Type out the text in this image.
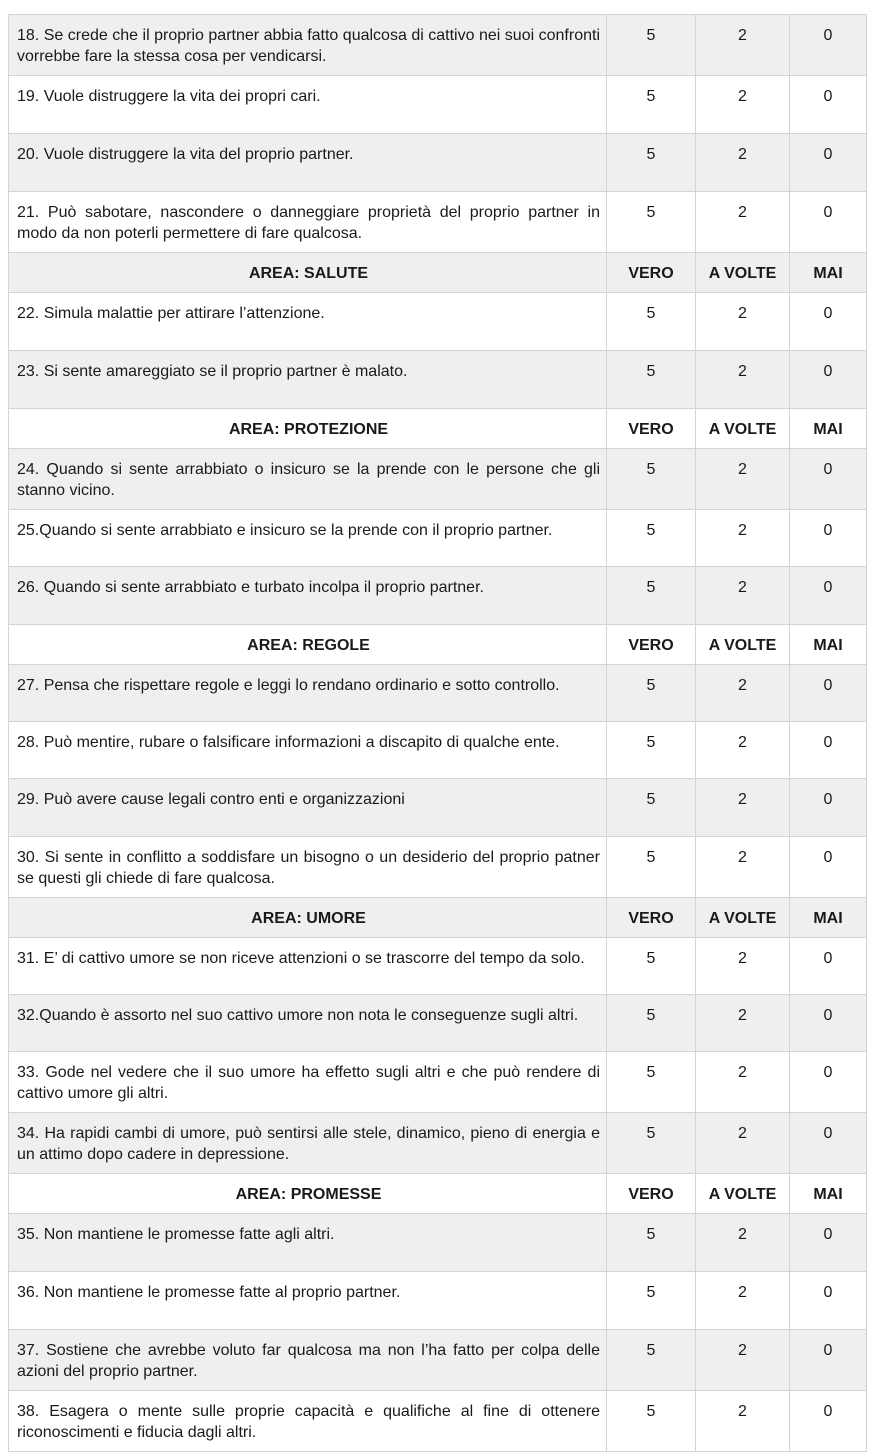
18. Se crede che il proprio partner abbia fatto qualcosa di cattivo nei suoi confronti vorrebbe fare la stessa cosa per vendicarsi.	5	2	0
19. Vuole distruggere la vita dei propri cari.	5	2	0
20. Vuole distruggere la vita del proprio partner.	5	2	0
21. Può sabotare, nascondere o danneggiare proprietà del proprio partner in modo da non poterli permettere di fare qualcosa.	5	2	0
AREA: SALUTE	VERO	A VOLTE	MAI
22. Simula malattie per attirare l’attenzione.	5	2	0
23. Si sente amareggiato se il proprio partner è malato.	5	2	0
AREA: PROTEZIONE	VERO	A VOLTE	MAI
24. Quando si sente arrabbiato o insicuro se la prende con le persone che gli stanno vicino.	5	2	0
25.Quando si sente arrabbiato e insicuro se la prende con il proprio partner.	5	2	0
26. Quando si sente arrabbiato e turbato incolpa il proprio partner.	5	2	0
AREA: REGOLE	VERO	A VOLTE	MAI
27. Pensa che rispettare regole e leggi lo rendano ordinario e sotto controllo.	5	2	0
28. Può mentire, rubare o falsificare informazioni a discapito di qualche ente.	5	2	0
29. Può avere cause legali contro enti e organizzazioni	5	2	0
30. Si sente in conflitto a soddisfare un bisogno o un desiderio del proprio patner se questi gli chiede di fare qualcosa.	5	2	0
AREA: UMORE	VERO	A VOLTE	MAI
31. E’ di cattivo umore se non riceve attenzioni o se trascorre del tempo da solo.	5	2	0
32.Quando è assorto nel suo cattivo umore non nota le conseguenze sugli altri.	5	2	0
33. Gode nel vedere che il suo umore ha effetto sugli altri e che può rendere di cattivo umore gli altri.	5	2	0
34. Ha rapidi cambi di umore, può sentirsi alle stele, dinamico, pieno di energia e un attimo dopo cadere in depressione.	5	2	0
AREA: PROMESSE	VERO	A VOLTE	MAI
35. Non mantiene le promesse fatte agli altri.	5	2	0
36. Non mantiene le promesse fatte al proprio partner.	5	2	0
37. Sostiene che avrebbe voluto far qualcosa ma non l’ha fatto per colpa delle azioni del proprio partner.	5	2	0
38. Esagera o mente sulle proprie capacità e qualifiche al fine di ottenere riconoscimenti e fiducia dagli altri.	5	2	0
